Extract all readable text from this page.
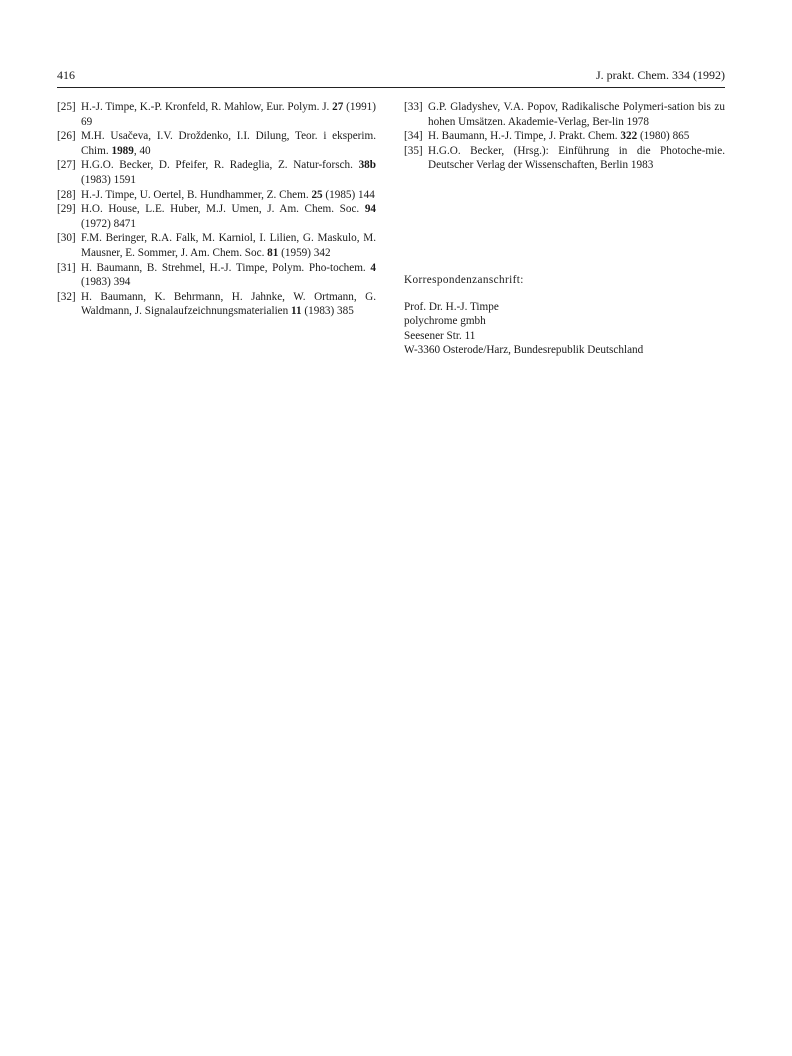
416	J. prakt. Chem. 334 (1992)

[25] H.-J. Timpe, K.-P. Kronfeld, R. Mahlow, Eur. Polym. J. 27 (1991) 69

[26] M.H. Usačeva, I.V. Droždenko, I.I. Dilung, Teor. i eksperim. Chim. 1989, 40

[27] H.G.O. Becker, D. Pfeifer, R. Radeglia, Z. Natur-forsch. 38b (1983) 1591

[28] H.-J. Timpe, U. Oertel, B. Hundhammer, Z. Chem. 25 (1985) 144

[29] H.O. House, L.E. Huber, M.J. Umen, J. Am. Chem. Soc. 94 (1972) 8471

[30] F.M. Beringer, R.A. Falk, M. Karniol, I. Lilien, G. Maskulo, M. Mausner, E. Sommer, J. Am. Chem. Soc. 81 (1959) 342

[31] H. Baumann, B. Strehmel, H.-J. Timpe, Polym. Pho-tochem. 4 (1983) 394

[32] H. Baumann, K. Behrmann, H. Jahnke, W. Ortmann, G. Waldmann, J. Signalaufzeichnungsmaterialien 11 (1983) 385

[33] G.P. Gladyshev, V.A. Popov, Radikalische Polymeri-sation bis zu hohen Umsätzen. Akademie-Verlag, Ber-lin 1978

[34] H. Baumann, H.-J. Timpe, J. Prakt. Chem. 322 (1980) 865

[35] H.G.O. Becker, (Hrsg.): Einführung in die Photoche-mie. Deutscher Verlag der Wissenschaften, Berlin 1983

Korrespondenzanschrift:
Prof. Dr. H.-J. Timpe
polychrome gmbh
Seesener Str. 11
W-3360 Osterode/Harz, Bundesrepublik Deutschland
